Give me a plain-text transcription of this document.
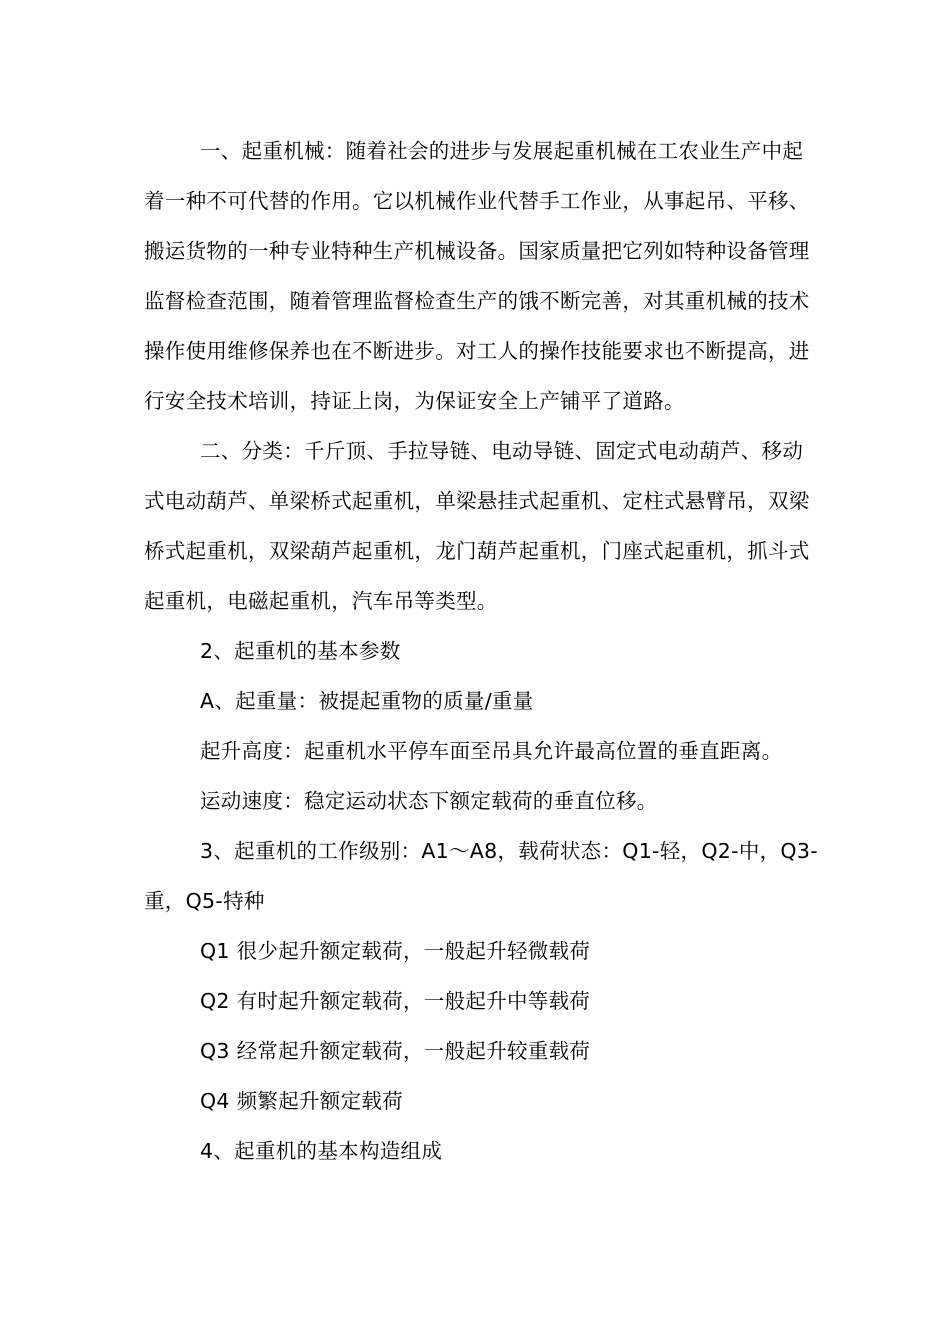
一、起重机械：随着社会的进步与发展起重机械在工农业生产中起着一种不可代替的作用。它以机械作业代替手工作业，从事起吊、平移、搬运货物的一种专业特种生产机械设备。国家质量把它列如特种设备管理监督检查范围，随着管理监督检查生产的饿不断完善，对其重机械的技术操作使用维修保养也在不断进步。对工人的操作技能要求也不断提高，进行安全技术培训，持证上岗，为保证安全上产铺平了道路。

二、分类：千斤顶、手拉导链、电动导链、固定式电动葫芦、移动式电动葫芦、单梁桥式起重机，单梁悬挂式起重机、定柱式悬臂吊，双梁桥式起重机，双梁葫芦起重机，龙门葫芦起重机，门座式起重机，抓斗式起重机，电磁起重机，汽车吊等类型。

2、起重机的基本参数

A、起重量：被提起重物的质量/重量

起升高度：起重机水平停车面至吊具允许最高位置的垂直距离。

运动速度：稳定运动状态下额定载荷的垂直位移。

3、起重机的工作级别：A1～A8，载荷状态：Q1-轻，Q2-中，Q3-重，Q5-特种

Q1 很少起升额定载荷，一般起升轻微载荷

Q2 有时起升额定载荷，一般起升中等载荷

Q3 经常起升额定载荷，一般起升较重载荷

Q4 频繁起升额定载荷

4、起重机的基本构造组成
